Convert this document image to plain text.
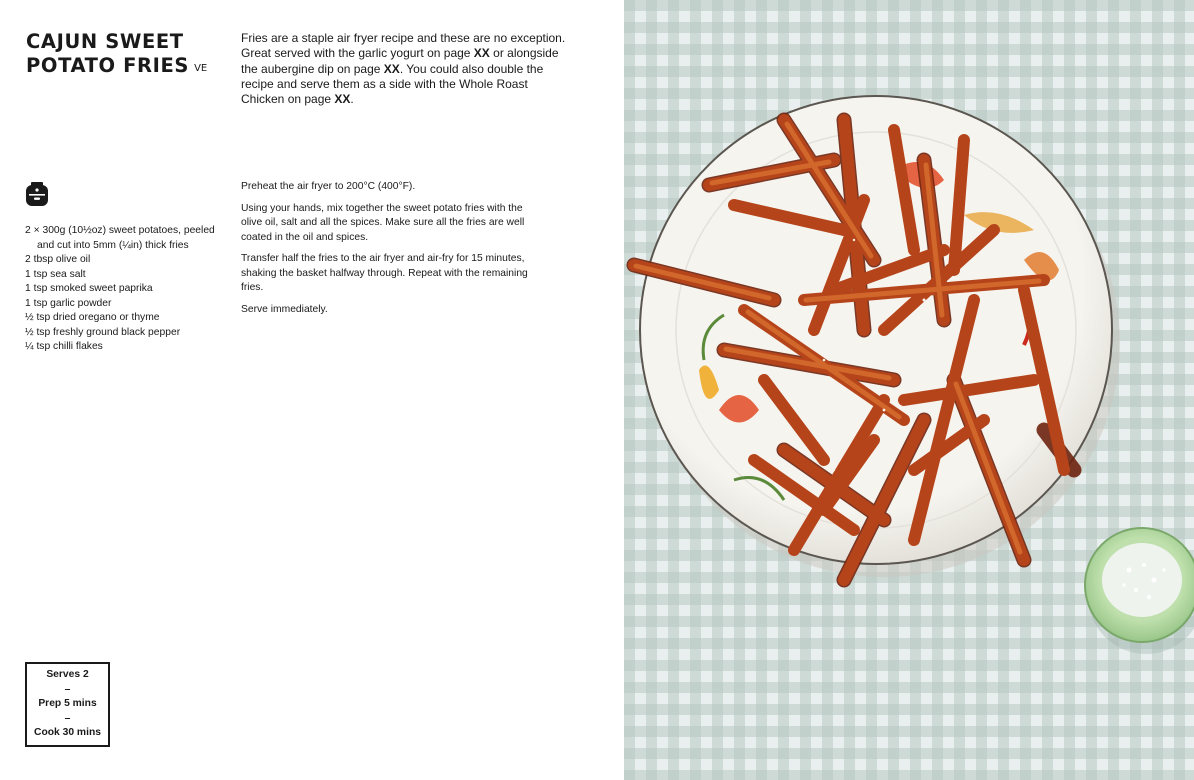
CAJUN SWEET
POTATO FRIES VE
Fries are a staple air fryer recipe and these are no exception. Great served with the garlic yogurt on page XX or alongside the aubergine dip on page XX. You could also double the recipe and serve them as a side with the Whole Roast Chicken on page XX.
2 × 300g (10½oz) sweet potatoes, peeled and cut into 5mm (¼in) thick fries
2 tbsp olive oil
1 tsp sea salt
1 tsp smoked sweet paprika
1 tsp garlic powder
½ tsp dried oregano or thyme
½ tsp freshly ground black pepper
¼ tsp chilli flakes

Preheat the air fryer to 200°C (400°F).

Using your hands, mix together the sweet potato fries with the olive oil, salt and all the spices. Make sure all the fries are well coated in the oil and spices.

Transfer half the fries to the air fryer and air-fry for 15 minutes, shaking the basket halfway through. Repeat with the remaining fries.

Serve immediately.

Serves 2
–
Prep 5 mins
–
Cook 30 mins
